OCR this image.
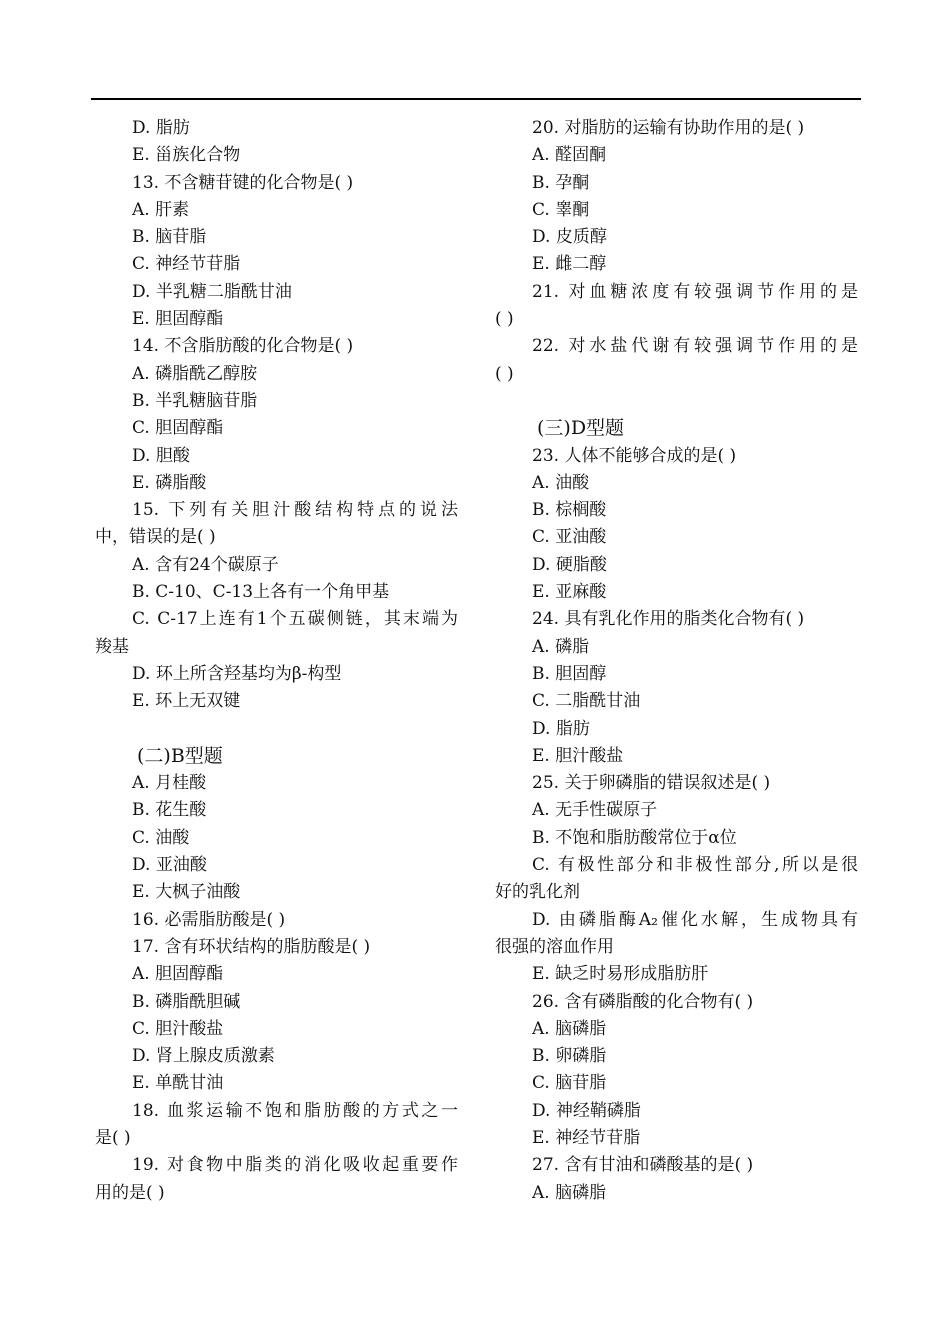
D. 脂肪
E. 甾族化合物
13. 不含糖苷键的化合物是( )
A. 肝素
B. 脑苷脂
C. 神经节苷脂
D. 半乳糖二脂酰甘油
E. 胆固醇酯
14. 不含脂肪酸的化合物是( )
A. 磷脂酰乙醇胺
B. 半乳糖脑苷脂
C. 胆固醇酯
D. 胆酸
E. 磷脂酸
15. 下列有关胆汁酸结构特点的说法
中，错误的是( )
A. 含有24个碳原子
B. C-10、C-13上各有一个角甲基
C. C-17上连有1个五碳侧链，其末端为
羧基
D. 环上所含羟基均为β-构型
E. 环上无双键
(二)B型题
A. 月桂酸
B. 花生酸
C. 油酸
D. 亚油酸
E. 大枫子油酸
16. 必需脂肪酸是( )
17. 含有环状结构的脂肪酸是( )
A. 胆固醇酯
B. 磷脂酰胆碱
C. 胆汁酸盐
D. 肾上腺皮质激素
E. 单酰甘油
18. 血浆运输不饱和脂肪酸的方式之一
是( )
19. 对食物中脂类的消化吸收起重要作
用的是( )
20. 对脂肪的运输有协助作用的是( )
A. 醛固酮
B. 孕酮
C. 睾酮
D. 皮质醇
E. 雌二醇
21. 对血糖浓度有较强调节作用的是
( )
22. 对水盐代谢有较强调节作用的是
( )
(三)D型题
23. 人体不能够合成的是( )
A. 油酸
B. 棕榈酸
C. 亚油酸
D. 硬脂酸
E. 亚麻酸
24. 具有乳化作用的脂类化合物有( )
A. 磷脂
B. 胆固醇
C. 二脂酰甘油
D. 脂肪
E. 胆汁酸盐
25. 关于卵磷脂的错误叙述是( )
A. 无手性碳原子
B. 不饱和脂肪酸常位于α位
C. 有极性部分和非极性部分,所以是很
好的乳化剂
D. 由磷脂酶A₂催化水解，生成物具有
很强的溶血作用
E. 缺乏时易形成脂肪肝
26. 含有磷脂酸的化合物有( )
A. 脑磷脂
B. 卵磷脂
C. 脑苷脂
D. 神经鞘磷脂
E. 神经节苷脂
27. 含有甘油和磷酸基的是( )
A. 脑磷脂
